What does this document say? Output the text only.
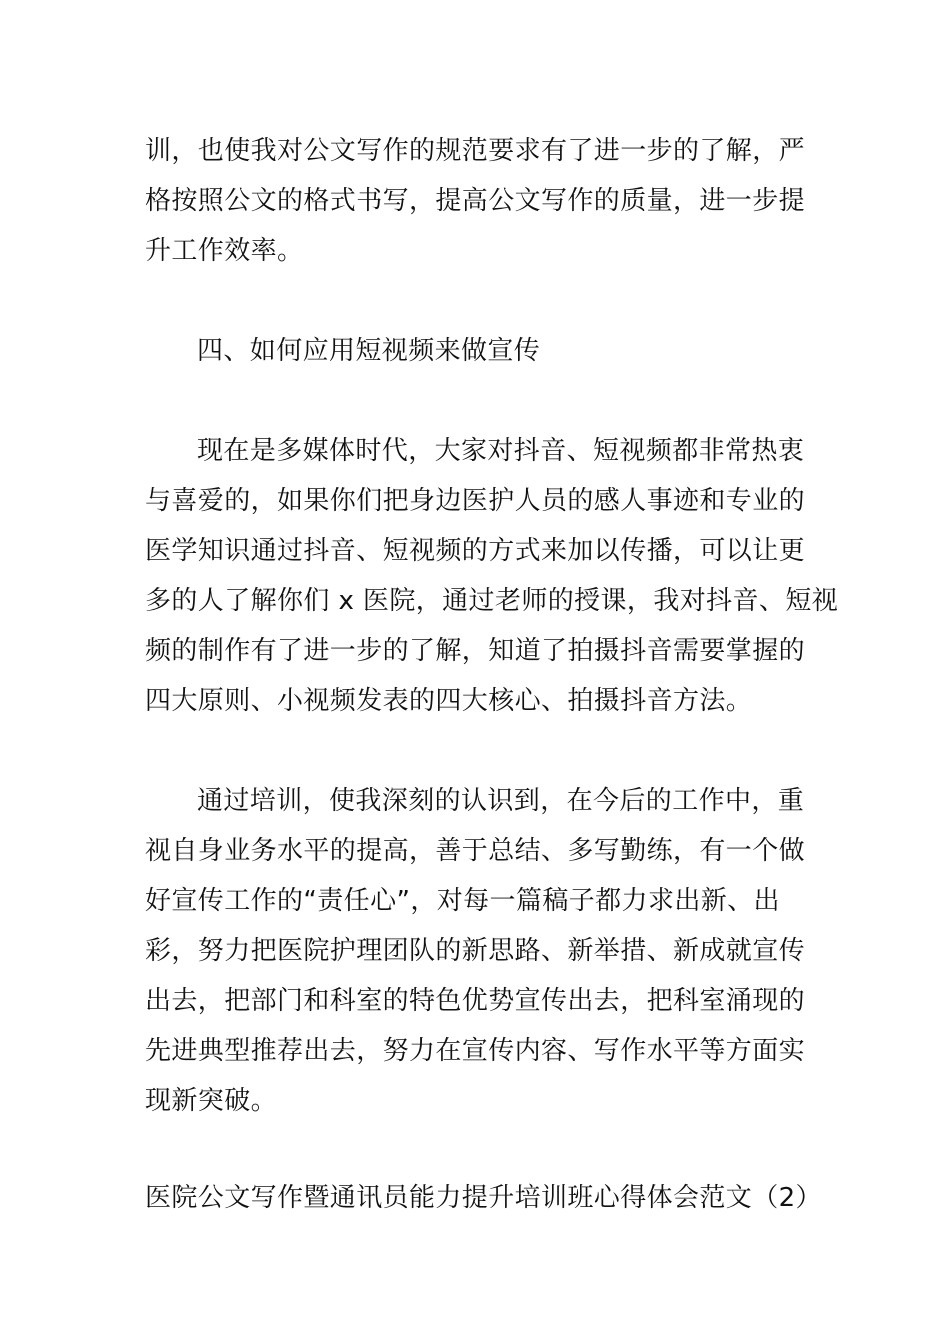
训，也使我对公文写作的规范要求有了进一步的了解，严
格按照公文的格式书写，提高公文写作的质量，进一步提
升工作效率。
四、如何应用短视频来做宣传
现在是多媒体时代，大家对抖音、短视频都非常热衷
与喜爱的，如果你们把身边医护人员的感人事迹和专业的
医学知识通过抖音、短视频的方式来加以传播，可以让更
多的人了解你们 x 医院，通过老师的授课，我对抖音、短视
频的制作有了进一步的了解，知道了拍摄抖音需要掌握的
四大原则、小视频发表的四大核心、拍摄抖音方法。
通过培训，使我深刻的认识到，在今后的工作中，重
视自身业务水平的提高，善于总结、多写勤练，有一个做
好宣传工作的“责任心”，对每一篇稿子都力求出新、出
彩，努力把医院护理团队的新思路、新举措、新成就宣传
出去，把部门和科室的特色优势宣传出去，把科室涌现的
先进典型推荐出去，努力在宣传内容、写作水平等方面实
现新突破。
医院公文写作暨通讯员能力提升培训班心得体会范文（2）
